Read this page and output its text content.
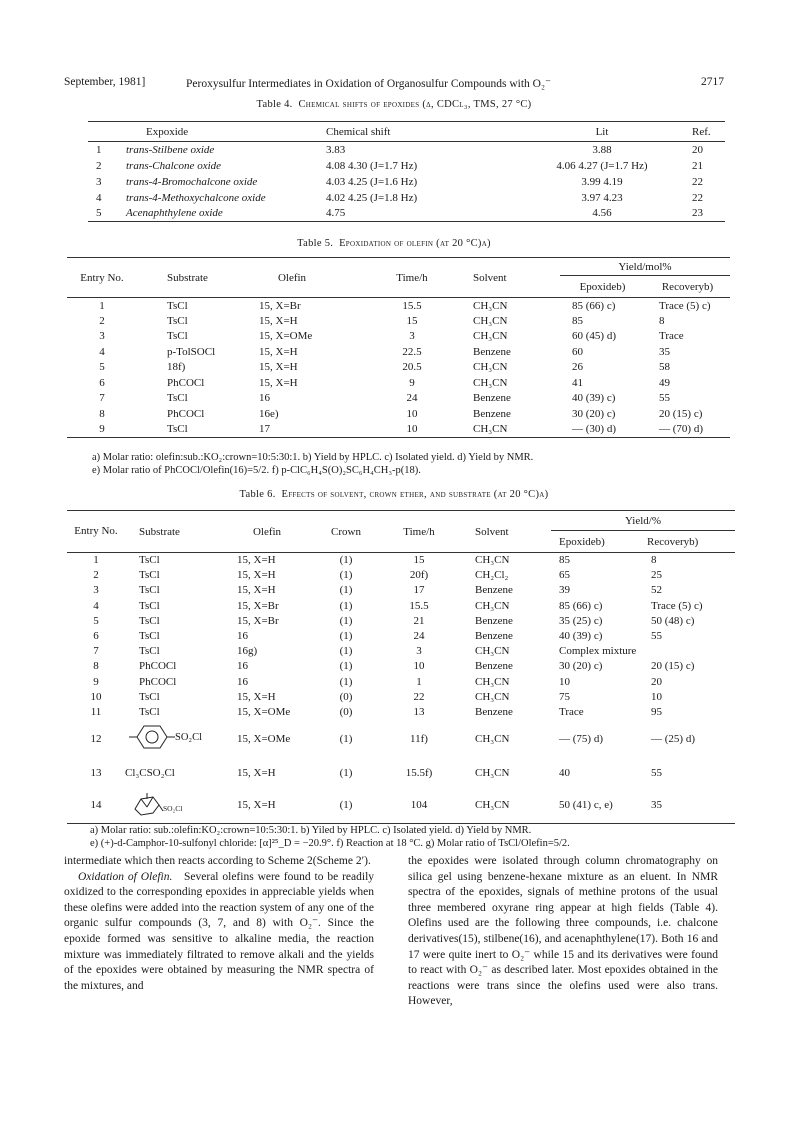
September, 1981]	Peroxysulfur Intermediates in Oxidation of Organosulfur Compounds with O₂⁻	2717
Table 4. Chemical shifts of epoxides (δ, CDCl₃, TMS, 27 °C)
	Expoxide	Chemical shift	Lit	Ref.
1	trans-Stilbene oxide	3.83	3.88	20
2	trans-Chalcone oxide	4.08 4.30 (J=1.7 Hz)	4.06 4.27 (J=1.7 Hz)	21
3	trans-4-Bromochalcone oxide	4.03 4.25 (J=1.6 Hz)	3.99 4.19	22
4	trans-4-Methoxychalcone oxide	4.02 4.25 (J=1.8 Hz)	3.97 4.23	22
5	Acenaphthylene oxide	4.75	4.56	23
Table 5. Epoxidation of olefin (at 20 °C)a)
Entry No.	Substrate	Olefin	Time/h	Solvent	Yield/mol%	
					Epoxideb)	Recoveryb)
1	TsCl	15, X=Br	15.5	CH₃CN	85 (66) c)	Trace (5) c)
2	TsCl	15, X=H	15	CH₃CN	85	8
3	TsCl	15, X=OMe	3	CH₃CN	60 (45) d)	Trace
4	p-TolSOCl	15, X=H	22.5	Benzene	60	35
5	18f)	15, X=H	20.5	CH₃CN	26	58
6	PhCOCl	15, X=H	9	CH₃CN	41	49
7	TsCl	16	24	Benzene	40 (39) c)	55
8	PhCOCl	16e)	10	Benzene	30 (20) c)	20 (15) c)
9	TsCl	17	10	CH₃CN	— (30) d)	— (70) d)
a) Molar ratio: olefin:sub.:KO₂:crown=10:5:30:1. b) Yield by HPLC. c) Isolated yield. d) Yield by NMR.
e) Molar ratio of PhCOCl/Olefin(16)=5/2. f) p-ClC₆H₄S(O)₂SC₆H₄CH₃-p(18).
Table 6. Effects of solvent, crown ether, and substrate (at 20 °C)a)
Entry No.	Substrate	Olefin	Crown	Time/h	Solvent	Yield/%	
						Epoxideb)	Recoveryb)
1	TsCl	15, X=H	(1)	15	CH₃CN	85	8
2	TsCl	15, X=H	(1)	20f)	CH₂Cl₂	65	25
3	TsCl	15, X=H	(1)	17	Benzene	39	52
4	TsCl	15, X=Br	(1)	15.5	CH₃CN	85 (66) c)	Trace (5) c)
5	TsCl	15, X=Br	(1)	21	Benzene	35 (25) c)	50 (48) c)
6	TsCl	16	(1)	24	Benzene	40 (39) c)	55
7	TsCl	16g)	(1)	3	CH₃CN	Complex mixture	
8	PhCOCl	16	(1)	10	Benzene	30 (20) c)	20 (15) c)
9	PhCOCl	16	(1)	1	CH₃CN	10	20
10	TsCl	15, X=H	(0)	22	CH₃CN	75	10
11	TsCl	15, X=OMe	(0)	13	Benzene	Trace	95
12	SO₂Cl	15, X=OMe	(1)	11f)	CH₃CN	— (75) d)	— (25) d)
13	Cl₃CSO₂Cl	15, X=H	(1)	15.5f)	CH₃CN	40	55
14	SO₂Cl	15, X=H	(1)	104	CH₃CN	50 (41) c, e)	35
a) Molar ratio: sub.:olefin:KO₂:crown=10:5:30:1. b) Yiled by HPLC. c) Isolated yield. d) Yield by NMR.
e) (+)-d-Camphor-10-sulfonyl chloride: [α]²⁵_D = −20.9°. f) Reaction at 18 °C. g) Molar ratio of TsCl/Olefin=5/2.

intermediate which then reacts according to Scheme 2(Scheme 2′).

Oxidation of Olefin. Several olefins were found to be readily oxidized to the corresponding epoxides in appreciable yields when these olefins were added into the reaction system of any one of the organic sulfur compounds (3, 7, and 8) with O₂⁻. Since the epoxide formed was sensitive to alkaline media, the reaction mixture was immediately filtrated to remove alkali and the yields of the epoxides were obtained by measuring the NMR spectra of the mixtures, and

the epoxides were isolated through column chromatography on silica gel using benzene-hexane mixture as an eluent. In NMR spectra of the epoxides, signals of methine protons of the usual three membered oxyrane ring appear at high fields (Table 4). Olefins used are the following three compounds, i.e. chalcone derivatives(15), stilbene(16), and acenaphthylene(17). Both 16 and 17 were quite inert to O₂⁻ while 15 and its derivatives were found to react with O₂⁻ as described later. Most epoxides obtained in the reactions were trans since the olefins used were also trans. However,
